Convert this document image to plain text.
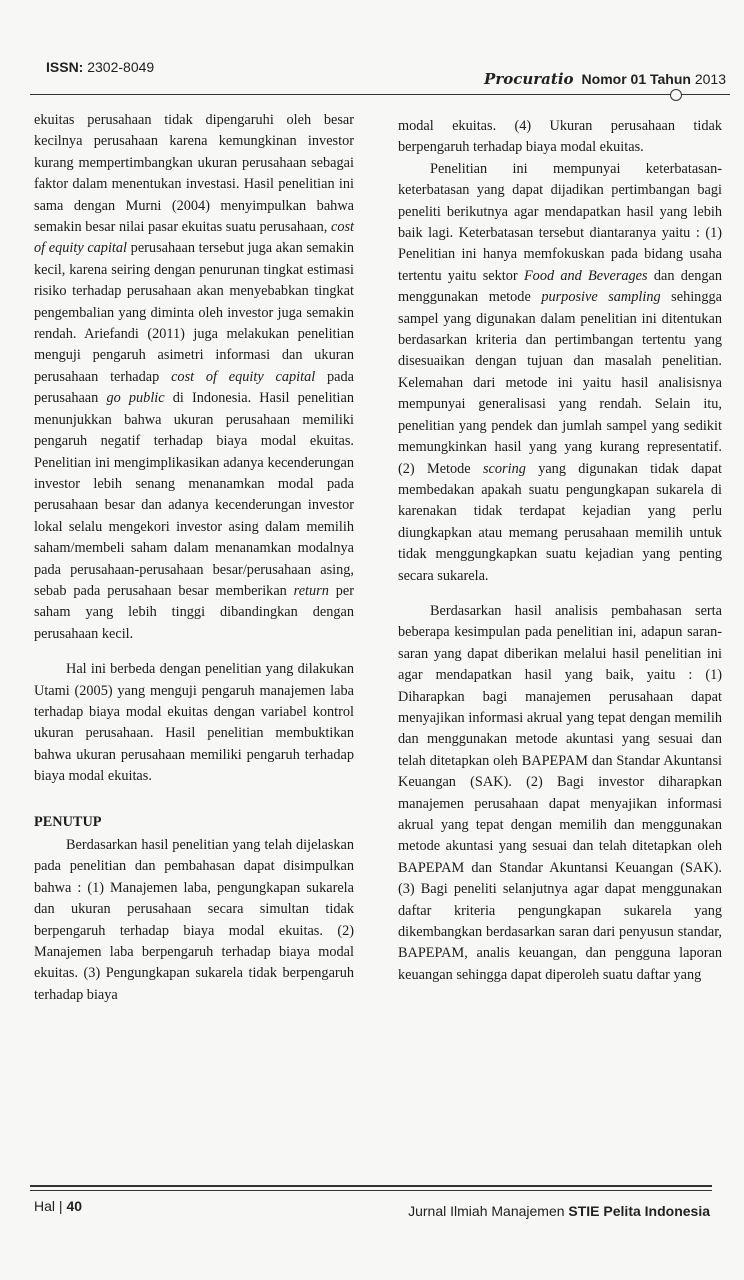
ISSN: 2302-8049
Procuratio Nomor 01 Tahun 2013

ekuitas perusahaan tidak dipengaruhi oleh besar kecilnya perusahaan karena kemungkinan investor kurang mempertimbangkan ukuran perusahaan sebagai faktor dalam menentukan investasi. Hasil penelitian ini sama dengan Murni (2004) menyimpulkan bahwa semakin besar nilai pasar ekuitas suatu perusahaan, cost of equity capital perusahaan tersebut juga akan semakin kecil, karena seiring dengan penurunan tingkat estimasi risiko terhadap perusahaan akan menyebabkan tingkat pengembalian yang diminta oleh investor juga semakin rendah. Ariefandi (2011) juga melakukan penelitian menguji pengaruh asimetri informasi dan ukuran perusahaan terhadap cost of equity capital pada perusahaan go public di Indonesia. Hasil penelitian menunjukkan bahwa ukuran perusahaan memiliki pengaruh negatif terhadap biaya modal ekuitas. Penelitian ini mengimplikasikan adanya kecenderungan investor lebih senang menanamkan modal pada perusahaan besar dan adanya kecenderungan investor lokal selalu mengekori investor asing dalam memilih saham/membeli saham dalam menanamkan modalnya pada perusahaan-perusahaan besar/perusahaan asing, sebab pada perusahaan besar memberikan return per saham yang lebih tinggi dibandingkan dengan perusahaan kecil.

Hal ini berbeda dengan penelitian yang dilakukan Utami (2005) yang menguji pengaruh manajemen laba terhadap biaya modal ekuitas dengan variabel kontrol ukuran perusahaan. Hasil penelitian membuktikan bahwa ukuran perusahaan memiliki pengaruh terhadap biaya modal ekuitas.

PENUTUP

Berdasarkan hasil penelitian yang telah dijelaskan pada penelitian dan pembahasan dapat disimpulkan bahwa : (1) Manajemen laba, pengungkapan sukarela dan ukuran perusahaan secara simultan tidak berpengaruh terhadap biaya modal ekuitas. (2) Manajemen laba berpengaruh terhadap biaya modal ekuitas. (3) Pengungkapan sukarela tidak berpengaruh terhadap biaya

modal ekuitas. (4) Ukuran perusahaan tidak berpengaruh terhadap biaya modal ekuitas.

Penelitian ini mempunyai keterbatasan-keterbatasan yang dapat dijadikan pertimbangan bagi peneliti berikutnya agar mendapatkan hasil yang lebih baik lagi. Keterbatasan tersebut diantaranya yaitu : (1) Penelitian ini hanya memfokuskan pada bidang usaha tertentu yaitu sektor Food and Beverages dan dengan menggunakan metode purposive sampling sehingga sampel yang digunakan dalam penelitian ini ditentukan berdasarkan kriteria dan pertimbangan tertentu yang disesuaikan dengan tujuan dan masalah penelitian. Kelemahan dari metode ini yaitu hasil analisisnya mempunyai generalisasi yang rendah. Selain itu, penelitian yang pendek dan jumlah sampel yang sedikit memungkinkan hasil yang yang kurang representatif. (2) Metode scoring yang digunakan tidak dapat membedakan apakah suatu pengungkapan sukarela di karenakan tidak terdapat kejadian yang perlu diungkapkan atau memang perusahaan memilih untuk tidak menggungkapkan suatu kejadian yang penting secara sukarela.

Berdasarkan hasil analisis pembahasan serta beberapa kesimpulan pada penelitian ini, adapun saran-saran yang dapat diberikan melalui hasil penelitian ini agar mendapatkan hasil yang baik, yaitu : (1) Diharapkan bagi manajemen perusahaan dapat menyajikan informasi akrual yang tepat dengan memilih dan menggunakan metode akuntasi yang sesuai dan telah ditetapkan oleh BAPEPAM dan Standar Akuntansi Keuangan (SAK). (2) Bagi investor diharapkan manajemen perusahaan dapat menyajikan informasi akrual yang tepat dengan memilih dan menggunakan metode akuntasi yang sesuai dan telah ditetapkan oleh BAPEPAM dan Standar Akuntansi Keuangan (SAK). (3) Bagi peneliti selanjutnya agar dapat menggunakan daftar kriteria pengungkapan sukarela yang dikembangkan berdasarkan saran dari penyusun standar, BAPEPAM, analis keuangan, dan pengguna laporan keuangan sehingga dapat diperoleh suatu daftar yang

Hal | 40	Jurnal Ilmiah Manajemen STIE Pelita Indonesia
